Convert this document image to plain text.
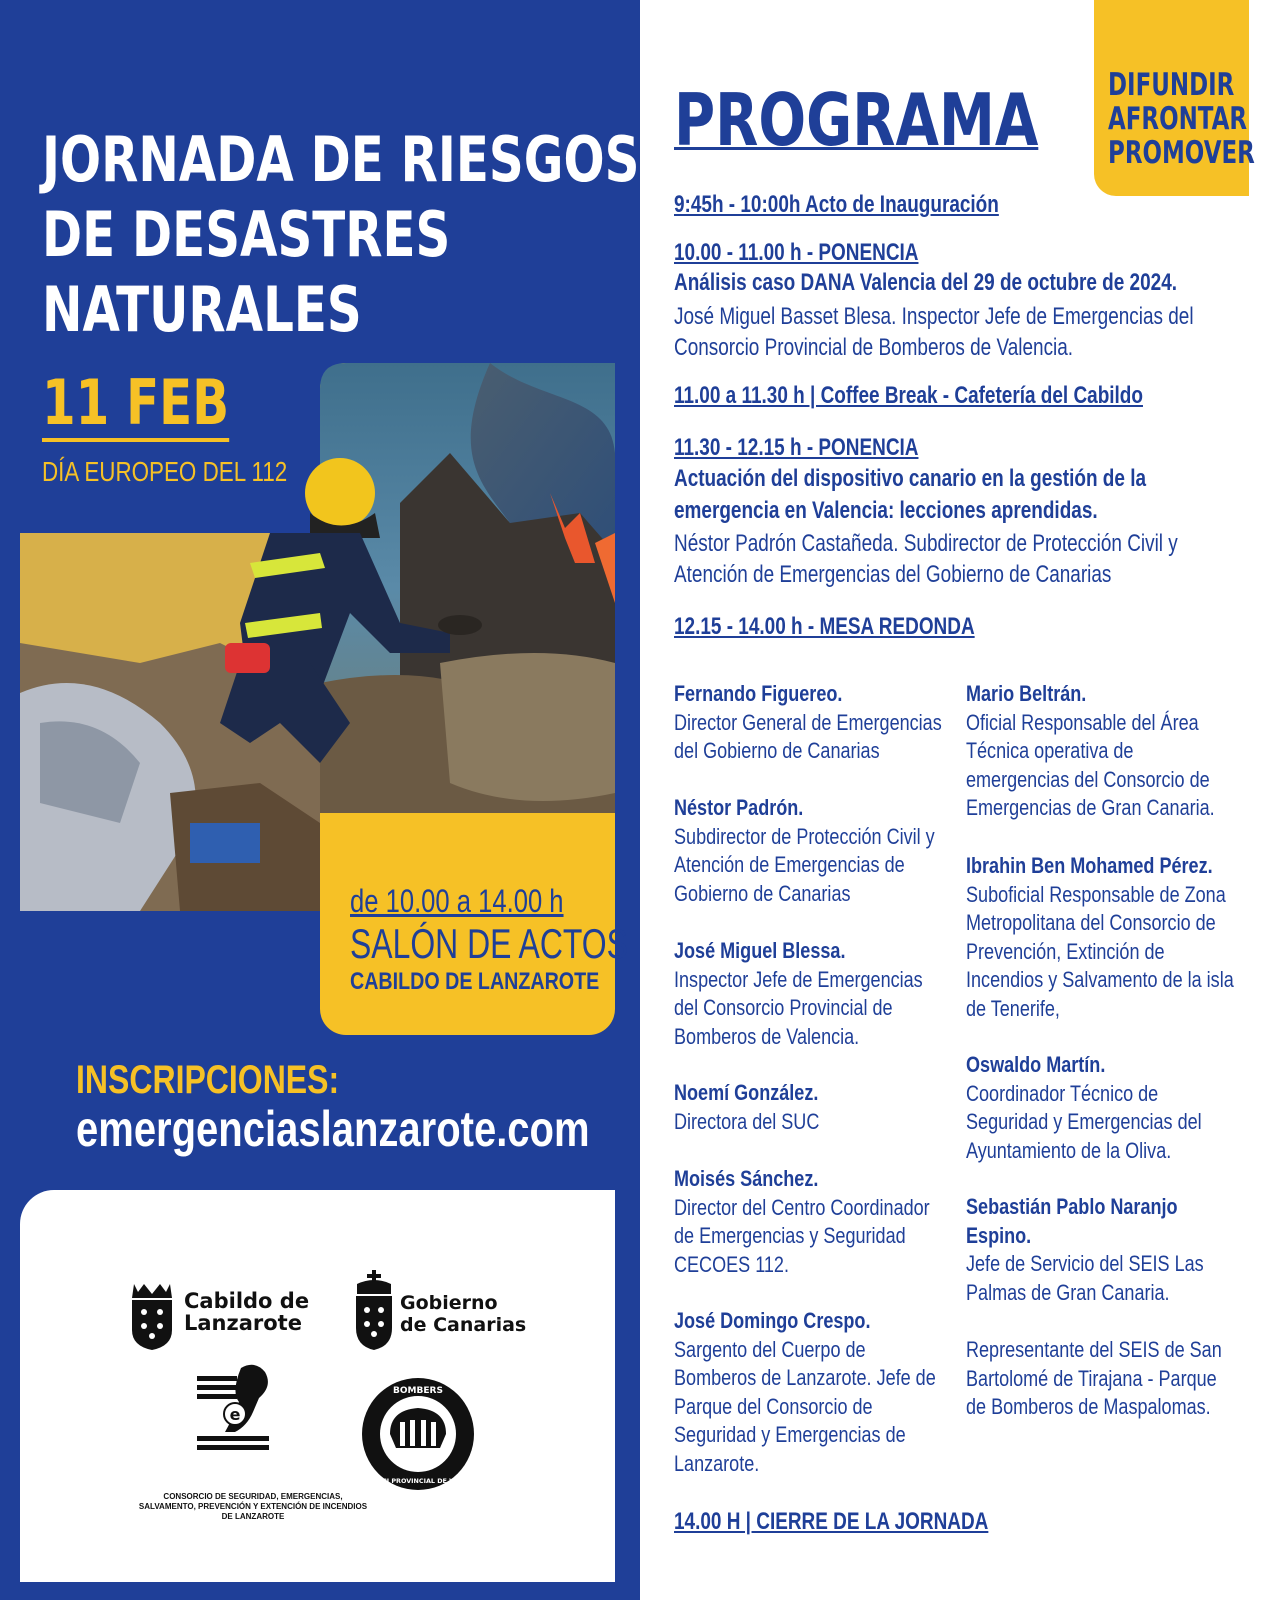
JORNADA DE RIESGOS
DE DESASTRES
NATURALES
11 FEB
DÍA EUROPEO DEL 112
de 10.00 a 14.00 h
SALÓN DE ACTOS
CABILDO DE LANZAROTE
INSCRIPCIONES:
emergenciaslanzarote.com
Cabildo de
Lanzarote
Gobierno
de Canarias
e
CONSORCIO DE SEGURIDAD, EMERGENCIAS, SALVAMENTO, PREVENCIÓN Y EXTENCIÓN DE INCENDIOS DE LANZAROTE
BOMBERS
CONSORCI PROVINCIAL DE VALENCIA
DIFUNDIR
AFRONTAR
PROMOVER
PROGRAMA
9:45h - 10:00h Acto de Inauguración
10.00 - 11.00 h - PONENCIA
Análisis caso DANA Valencia del 29 de octubre de 2024.
José Miguel Basset Blesa. Inspector Jefe de Emergencias del
Consorcio Provincial de Bomberos de Valencia.
11.00 a 11.30 h | Coffee Break - Cafetería del Cabildo
11.30 - 12.15 h - PONENCIA
Actuación del dispositivo canario en la gestión de la
emergencia en Valencia: lecciones aprendidas.
Néstor Padrón Castañeda. Subdirector de Protección Civil y
Atención de Emergencias del Gobierno de Canarias
12.15 - 14.00 h - MESA REDONDA
Fernando Figuereo.
Director General de Emergencias
del Gobierno de Canarias
Néstor Padrón.
Subdirector de Protección Civil y
Atención de Emergencias de
Gobierno de Canarias
José Miguel Blessa.
Inspector Jefe de Emergencias
del Consorcio Provincial de
Bomberos de Valencia.
Noemí González.
Directora del SUC
Moisés Sánchez.
Director del Centro Coordinador
de Emergencias y Seguridad
CECOES 112.
José Domingo Crespo.
Sargento del Cuerpo de
Bomberos de Lanzarote. Jefe de
Parque del Consorcio de
Seguridad y Emergencias de
Lanzarote.
Mario Beltrán.
Oficial Responsable del Área
Técnica operativa de
emergencias del Consorcio de
Emergencias de Gran Canaria.
Ibrahin Ben Mohamed Pérez.
Suboficial Responsable de Zona
Metropolitana del Consorcio de
Prevención, Extinción de
Incendios y Salvamento de la isla
de Tenerife,
Oswaldo Martín.
Coordinador Técnico de
Seguridad y Emergencias del
Ayuntamiento de la Oliva.
Sebastián Pablo Naranjo
Espino.
Jefe de Servicio del SEIS Las
Palmas de Gran Canaria.
Representante del SEIS de San
Bartolomé de Tirajana - Parque
de Bomberos de Maspalomas.
14.00 H | CIERRE DE LA JORNADA
